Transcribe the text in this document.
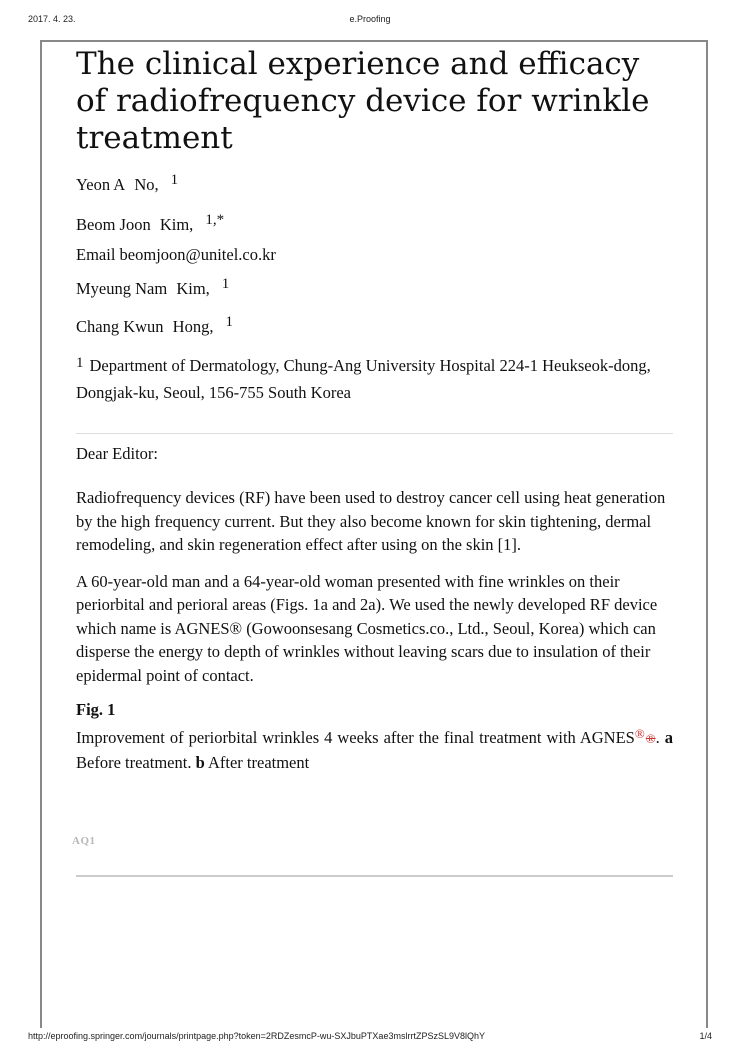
2017. 4. 23.	e.Proofing
The clinical experience and efficacy of radiofrequency device for wrinkle treatment

Yeon A No, $^1$

Beom Joon Kim, $^{1,*}$

Email beomjoon@unitel.co.kr

Myeung Nam Kim, $^1$

Chang Kwun Hong, $^1$

$^1$ Department of Dermatology, Chung-Ang University Hospital 224-1 Heukseok-dong, Dongjak-ku, Seoul, 156-755 South Korea

Dear Editor:

Radiofrequency devices (RF) have been used to destroy cancer cell using heat generation by the high frequency current. But they also become known for skin tightening, dermal remodeling, and skin regeneration effect after using on the skin [1].

A 60-year-old man and a 64-year-old woman presented with fine wrinkles on their periorbital and perioral areas (Figs. 1a and 2a). We used the newly developed RF device which name is AGNES® (Gowoonsesang Cosmetics.co., Ltd., Seoul, Korea) which can disperse the energy to depth of wrinkles without leaving scars due to insulation of their epidermal point of contact.

Fig. 1
Improvement of periorbital wrinkles 4 weeks after the final treatment with AGNES®®. a Before treatment. b After treatment
AQ1
http://eproofing.springer.com/journals/printpage.php?token=2RDZesmcP-wu-SXJbuPTXae3mslrrtZPSzSL9V8lQhY	1/4
